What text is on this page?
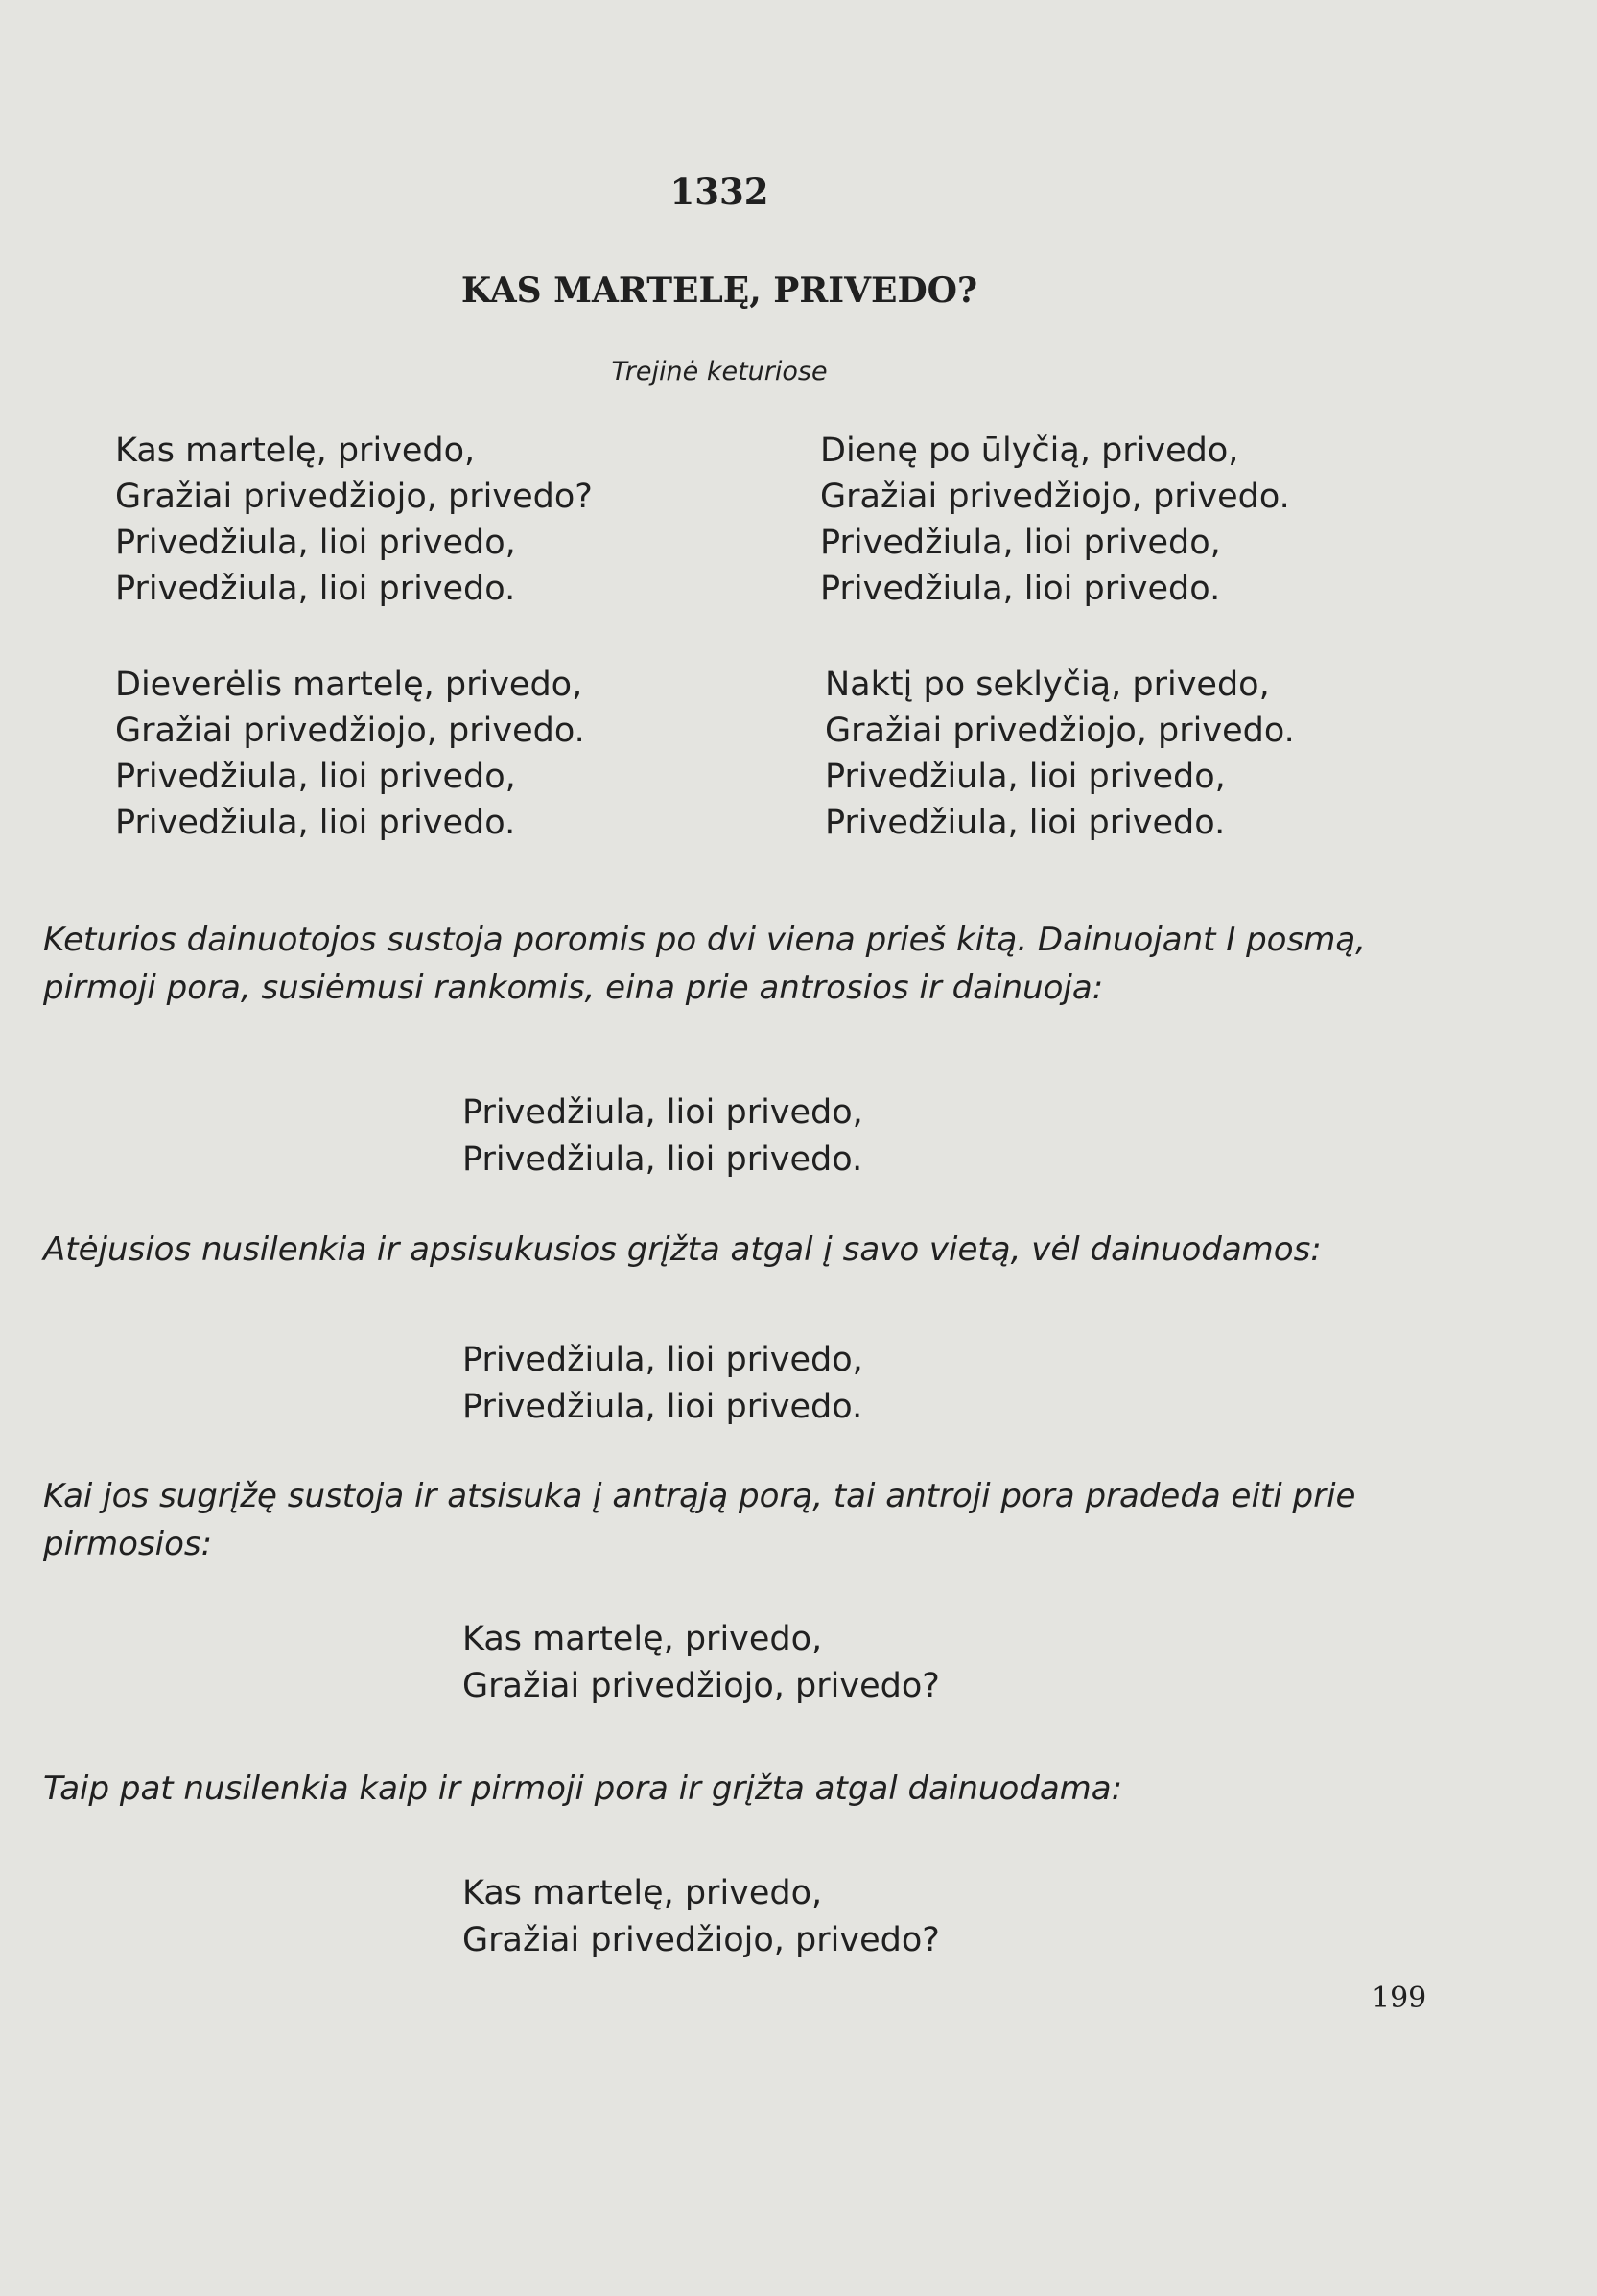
1332
KAS MARTELĘ, PRIVEDO?
Trejinė keturiose
Kas martelę, privedo,
Gražiai privedžiojo, privedo?
Privedžiula, lioi privedo,
Privedžiula, lioi privedo.
Dienę po ūlyčią, privedo,
Gražiai privedžiojo, privedo.
Privedžiula, lioi privedo,
Privedžiula, lioi privedo.
Dieverėlis martelę, privedo,
Gražiai privedžiojo, privedo.
Privedžiula, lioi privedo,
Privedžiula, lioi privedo.
Naktį po seklyčią, privedo,
Gražiai privedžiojo, privedo.
Privedžiula, lioi privedo,
Privedžiula, lioi privedo.
Keturios dainuotojos sustoja poromis po dvi viena prieš kitą. Dainuojant I posmą, pirmoji pora, susiėmusi rankomis, eina prie antrosios ir dainuoja:
Privedžiula, lioi privedo,
Privedžiula, lioi privedo.
Atėjusios nusilenkia ir apsisukusios grįžta atgal į savo vietą, vėl dainuodamos:
Privedžiula, lioi privedo,
Privedžiula, lioi privedo.
Kai jos sugrįžę sustoja ir atsisuka į antrąją porą, tai antroji pora pradeda eiti prie pirmosios:
Kas martelę, privedo,
Gražiai privedžiojo, privedo?
Taip pat nusilenkia kaip ir pirmoji pora ir grįžta atgal dainuodama:
Kas martelę, privedo,
Gražiai privedžiojo, privedo?
199
